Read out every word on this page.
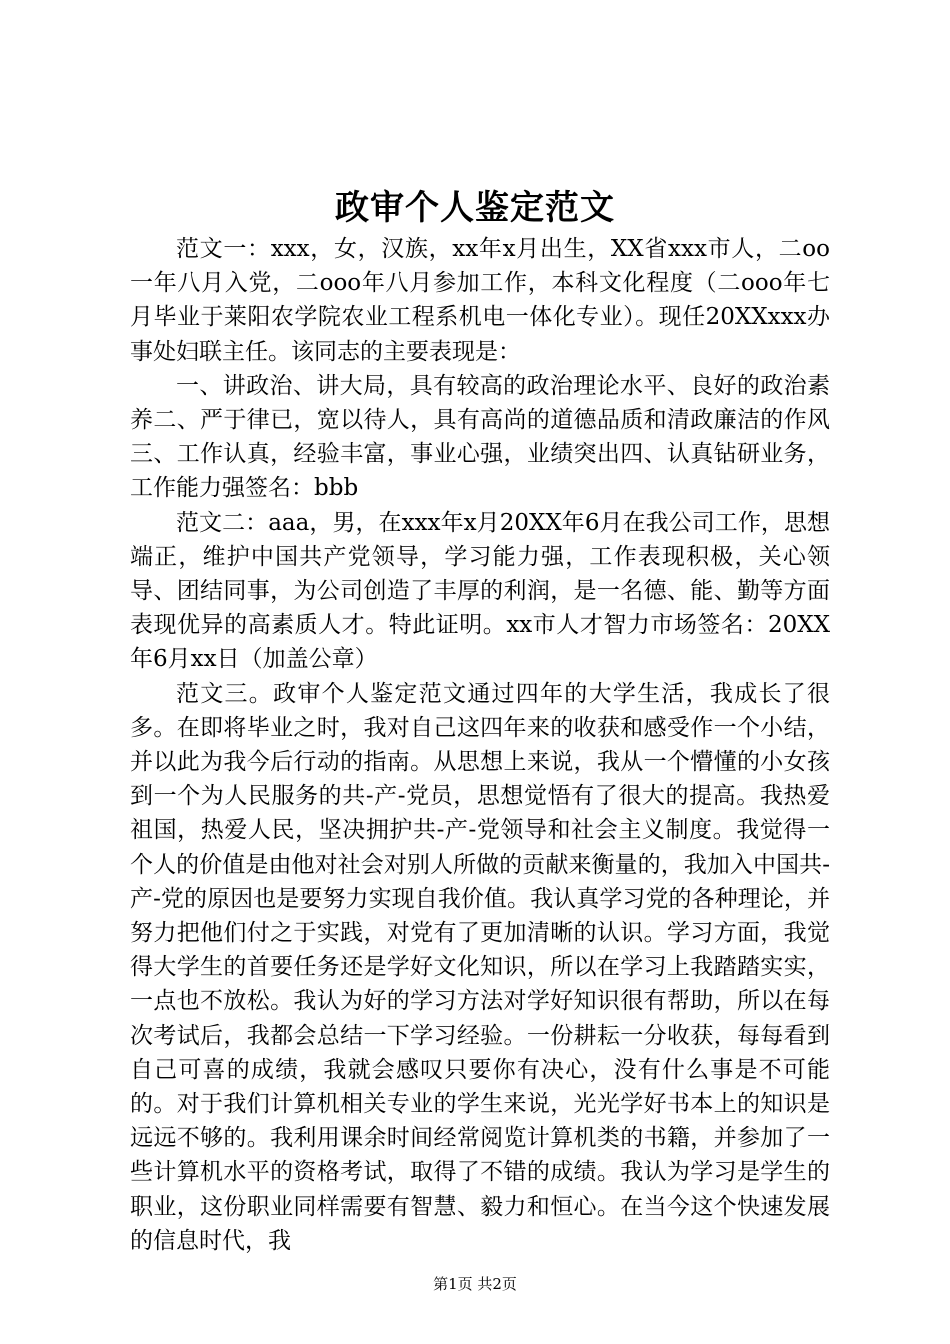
政审个人鉴定范文

范文一：xxx，女，汉族，xx年x月出生，XX省xxx市人，二oo一年八月入党，二ooo年八月参加工作，本科文化程度（二ooo年七月毕业于莱阳农学院农业工程系机电一体化专业）。现任20XXxxx办事处妇联主任。该同志的主要表现是：

一、讲政治、讲大局，具有较高的政治理论水平、良好的政治素养二、严于律已，宽以待人，具有高尚的道德品质和清政廉洁的作风三、工作认真，经验丰富，事业心强，业绩突出四、认真钻研业务，工作能力强签名：bbb

范文二：aaa，男，在xxx年x月20XX年6月在我公司工作，思想端正，维护中国共产党领导，学习能力强，工作表现积极，关心领导、团结同事，为公司创造了丰厚的利润，是一名德、能、勤等方面表现优异的高素质人才。特此证明。xx市人才智力市场签名：20XX年6月xx日（加盖公章）

范文三。政审个人鉴定范文通过四年的大学生活，我成长了很多。在即将毕业之时，我对自己这四年来的收获和感受作一个小结，并以此为我今后行动的指南。从思想上来说，我从一个懵懂的小女孩到一个为人民服务的共-产-党员，思想觉悟有了很大的提高。我热爱祖国，热爱人民，坚决拥护共-产-党领导和社会主义制度。我觉得一个人的价值是由他对社会对别人所做的贡献来衡量的，我加入中国共-产-党的原因也是要努力实现自我价值。我认真学习党的各种理论，并努力把他们付之于实践，对党有了更加清晰的认识。学习方面，我觉得大学生的首要任务还是学好文化知识，所以在学习上我踏踏实实，一点也不放松。我认为好的学习方法对学好知识很有帮助，所以在每次考试后，我都会总结一下学习经验。一份耕耘一分收获，每每看到自己可喜的成绩，我就会感叹只要你有决心，没有什么事是不可能的。对于我们计算机相关专业的学生来说，光光学好书本上的知识是远远不够的。我利用课余时间经常阅览计算机类的书籍，并参加了一些计算机水平的资格考试，取得了不错的成绩。我认为学习是学生的职业，这份职业同样需要有智慧、毅力和恒心。在当今这个快速发展的信息时代，我

第1页 共2页
